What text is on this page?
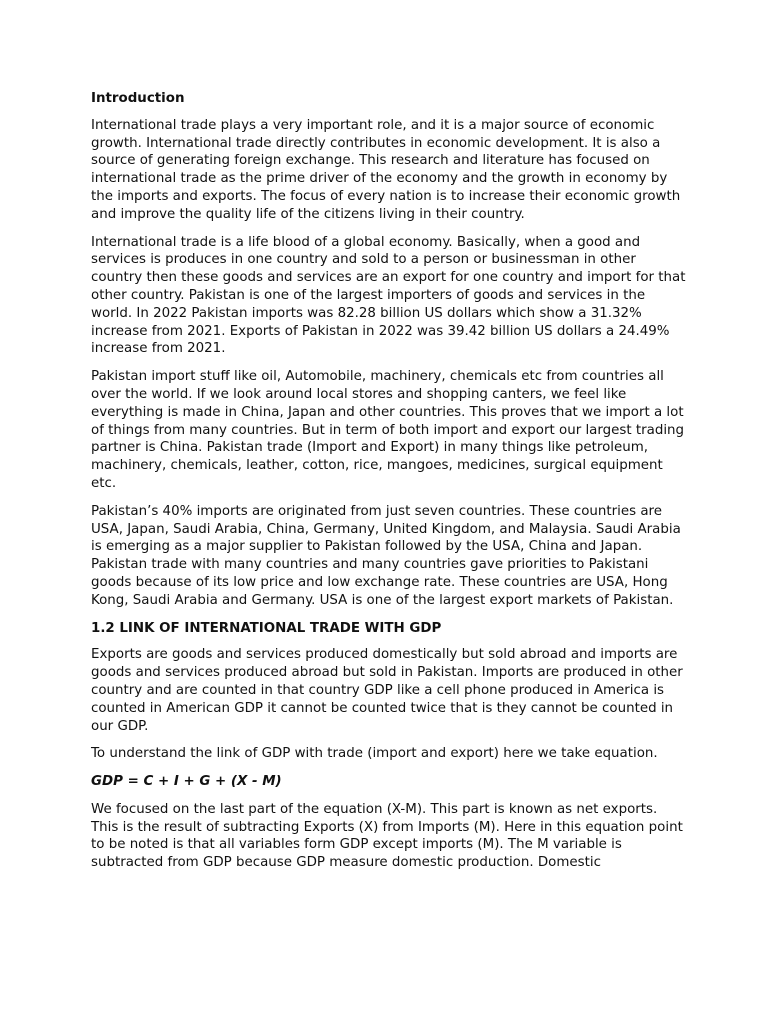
Introduction

International trade plays a very important role, and it is a major source of economic growth. International trade directly contributes in economic development. It is also a source of generating foreign exchange. This research and literature has focused on international trade as the prime driver of the economy and the growth in economy by the imports and exports. The focus of every nation is to increase their economic growth and improve the quality life of the citizens living in their country.

International trade is a life blood of a global economy. Basically, when a good and services is produces in one country and sold to a person or businessman in other country then these goods and services are an export for one country and import for that other country. Pakistan is one of the largest importers of goods and services in the world. In 2022 Pakistan imports was 82.28 billion US dollars which show a 31.32% increase from 2021. Exports of Pakistan in 2022 was 39.42 billion US dollars a 24.49% increase from 2021.

Pakistan import stuff like oil, Automobile, machinery, chemicals etc from countries all over the world. If we look around local stores and shopping canters, we feel like everything is made in China, Japan and other countries. This proves that we import a lot of things from many countries. But in term of both import and export our largest trading partner is China. Pakistan trade (Import and Export) in many things like petroleum, machinery, chemicals, leather, cotton, rice, mangoes, medicines, surgical equipment etc.

Pakistan’s 40% imports are originated from just seven countries. These countries are USA, Japan, Saudi Arabia, China, Germany, United Kingdom, and Malaysia. Saudi Arabia is emerging as a major supplier to Pakistan followed by the USA, China and Japan. Pakistan trade with many countries and many countries gave priorities to Pakistani goods because of its low price and low exchange rate. These countries are USA, Hong Kong, Saudi Arabia and Germany. USA is one of the largest export markets of Pakistan.

1.2 LINK OF INTERNATIONAL TRADE WITH GDP

Exports are goods and services produced domestically but sold abroad and imports are goods and services produced abroad but sold in Pakistan. Imports are produced in other country and are counted in that country GDP like a cell phone produced in America is counted in American GDP it cannot be counted twice that is they cannot be counted in our GDP.

To understand the link of GDP with trade (import and export) here we take equation.

GDP = C + I + G + (X - M)

We focused on the last part of the equation (X-M). This part is known as net exports. This is the result of subtracting Exports (X) from Imports (M). Here in this equation point to be noted is that all variables form GDP except imports (M). The M variable is subtracted from GDP because GDP measure domestic production. Domestic
